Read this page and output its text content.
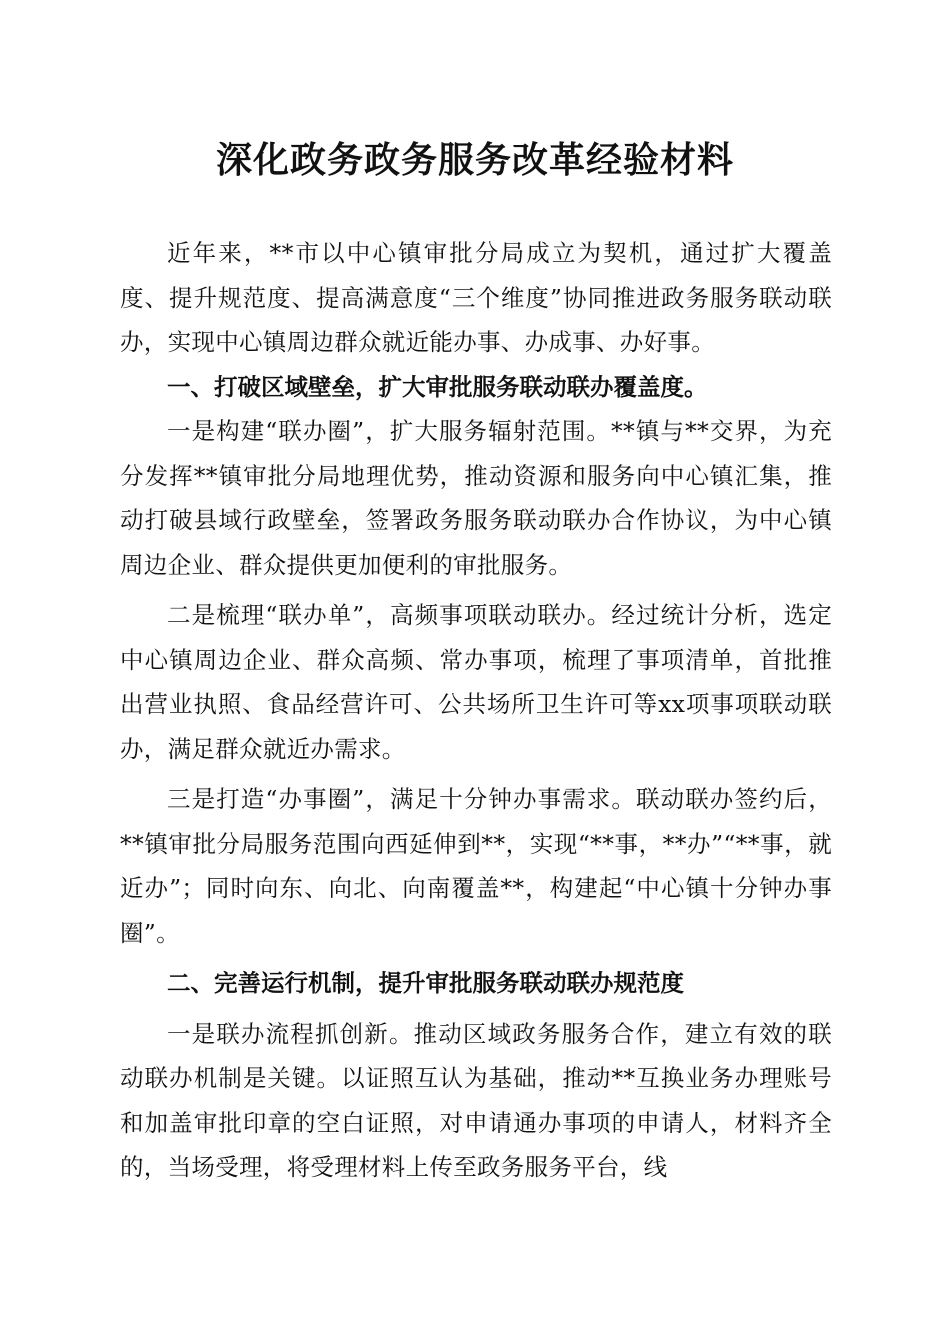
深化政务政务服务改革经验材料

近年来，**市以中心镇审批分局成立为契机，通过扩大覆盖度、提升规范度、提高满意度“三个维度”协同推进政务服务联动联办，实现中心镇周边群众就近能办事、办成事、办好事。

一、打破区域壁垒，扩大审批服务联动联办覆盖度。

一是构建“联办圈”，扩大服务辐射范围。**镇与**交界，为充分发挥**镇审批分局地理优势，推动资源和服务向中心镇汇集，推动打破县域行政壁垒，签署政务服务联动联办合作协议，为中心镇周边企业、群众提供更加便利的审批服务。

二是梳理“联办单”，高频事项联动联办。经过统计分析，选定中心镇周边企业、群众高频、常办事项，梳理了事项清单，首批推出营业执照、食品经营许可、公共场所卫生许可等xx项事项联动联办，满足群众就近办需求。

三是打造“办事圈”，满足十分钟办事需求。联动联办签约后，**镇审批分局服务范围向西延伸到**，实现“**事，**办”“**事，就近办”；同时向东、向北、向南覆盖**，构建起“中心镇十分钟办事圈”。

二、完善运行机制，提升审批服务联动联办规范度

一是联办流程抓创新。推动区域政务服务合作，建立有效的联动联办机制是关键。以证照互认为基础，推动**互换业务办理账号和加盖审批印章的空白证照，对申请通办事项的申请人，材料齐全的，当场受理，将受理材料上传至政务服务平台，线
